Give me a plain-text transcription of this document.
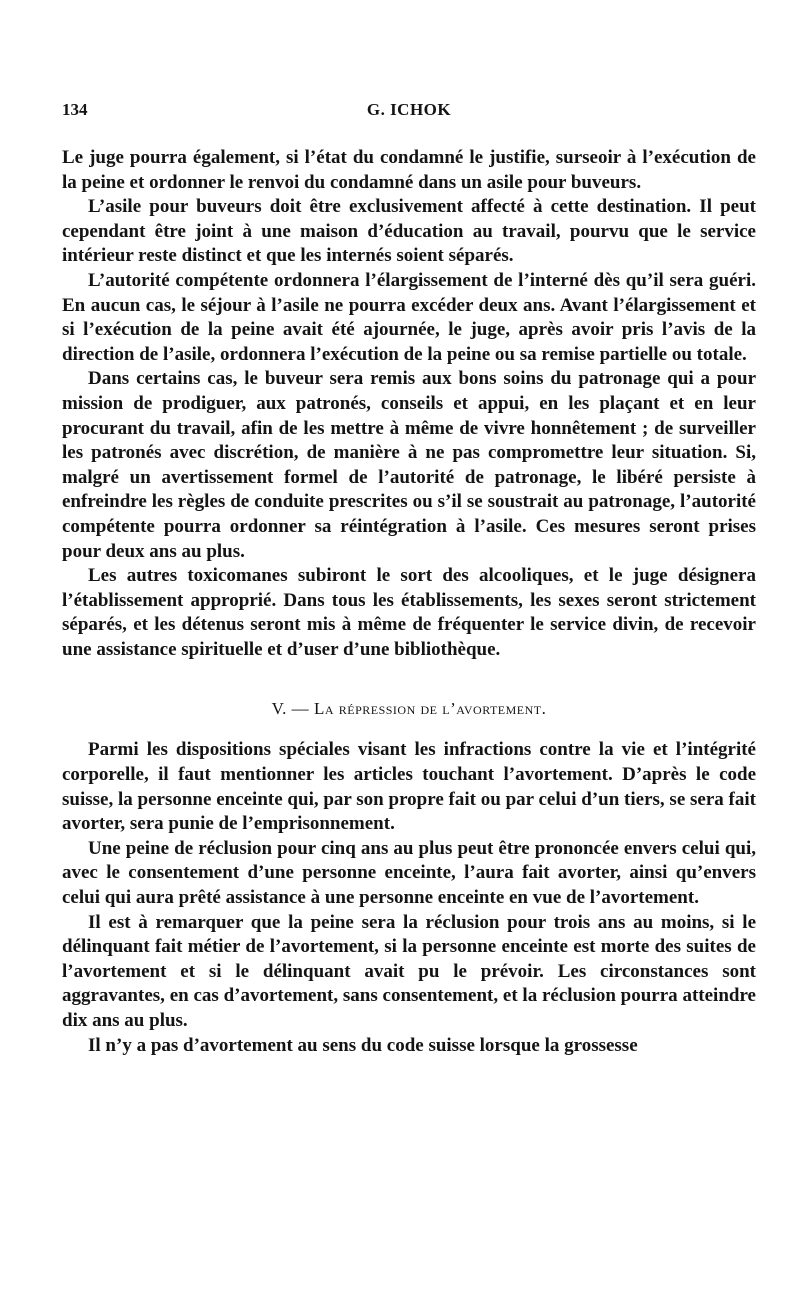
134	G. ICHOK

Le juge pourra également, si l’état du condamné le justifie, surseoir à l’exécution de la peine et ordonner le renvoi du condamné dans un asile pour buveurs.

L’asile pour buveurs doit être exclusivement affecté à cette destination. Il peut cependant être joint à une maison d’éducation au travail, pourvu que le service intérieur reste distinct et que les internés soient séparés.

L’autorité compétente ordonnera l’élargissement de l’interné dès qu’il sera guéri. En aucun cas, le séjour à l’asile ne pourra excéder deux ans. Avant l’élargissement et si l’exécution de la peine avait été ajournée, le juge, après avoir pris l’avis de la direction de l’asile, ordonnera l’exécution de la peine ou sa remise partielle ou totale.

Dans certains cas, le buveur sera remis aux bons soins du patronage qui a pour mission de prodiguer, aux patronés, conseils et appui, en les plaçant et en leur procurant du travail, afin de les mettre à même de vivre honnêtement ; de surveiller les patronés avec discrétion, de manière à ne pas compromettre leur situation. Si, malgré un avertissement formel de l’autorité de patronage, le libéré persiste à enfreindre les règles de conduite prescrites ou s’il se soustrait au patronage, l’autorité compétente pourra ordonner sa réintégration à l’asile. Ces mesures seront prises pour deux ans au plus.

Les autres toxicomanes subiront le sort des alcooliques, et le juge désignera l’établissement approprié. Dans tous les établissements, les sexes seront strictement séparés, et les détenus seront mis à même de fréquenter le service divin, de recevoir une assistance spirituelle et d’user d’une bibliothèque.

V. — La répression de l’avortement.

Parmi les dispositions spéciales visant les infractions contre la vie et l’intégrité corporelle, il faut mentionner les articles touchant l’avortement. D’après le code suisse, la personne enceinte qui, par son propre fait ou par celui d’un tiers, se sera fait avorter, sera punie de l’emprisonnement.

Une peine de réclusion pour cinq ans au plus peut être prononcée envers celui qui, avec le consentement d’une personne enceinte, l’aura fait avorter, ainsi qu’envers celui qui aura prêté assistance à une personne enceinte en vue de l’avortement.

Il est à remarquer que la peine sera la réclusion pour trois ans au moins, si le délinquant fait métier de l’avortement, si la personne enceinte est morte des suites de l’avortement et si le délinquant avait pu le prévoir. Les circonstances sont aggravantes, en cas d’avortement, sans consentement, et la réclusion pourra atteindre dix ans au plus.

Il n’y a pas d’avortement au sens du code suisse lorsque la grossesse
